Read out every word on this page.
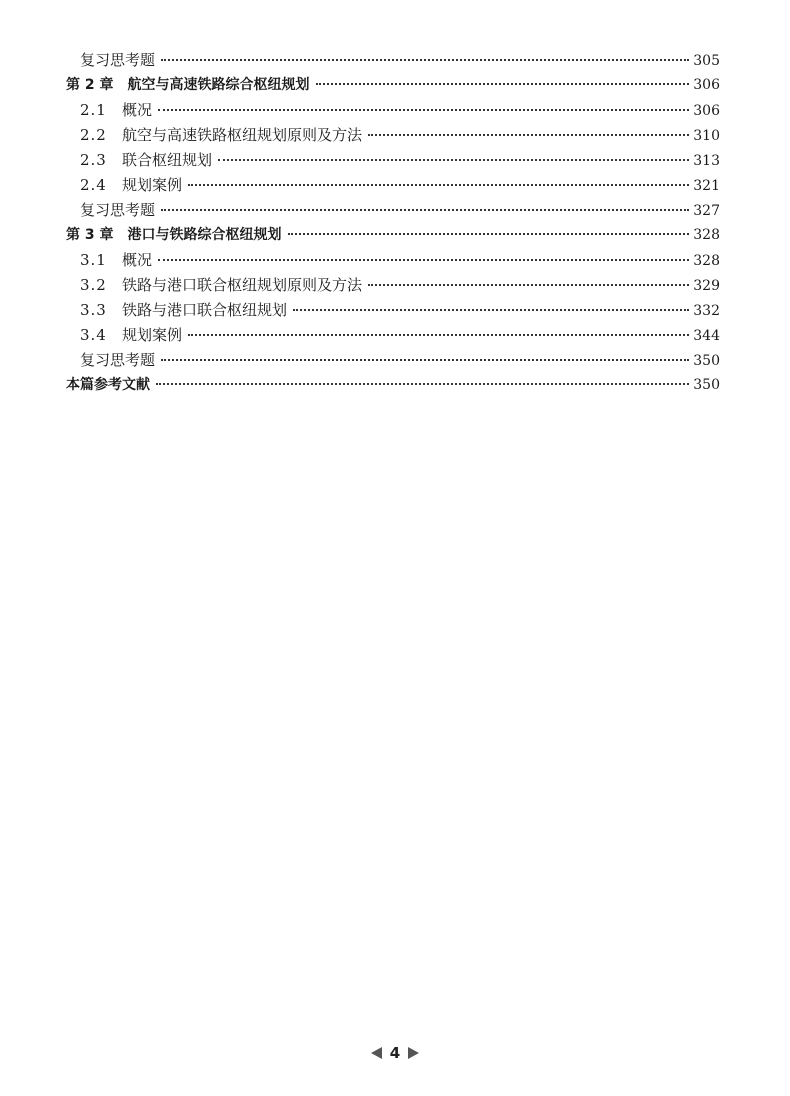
复习思考题	305
第 2 章 航空与高速铁路综合枢纽规划	306
2.1	概况	306
2.2	航空与高速铁路枢纽规划原则及方法	310
2.3	联合枢纽规划	313
2.4	规划案例	321
复习思考题	327
第 3 章 港口与铁路综合枢纽规划	328
3.1	概况	328
3.2	铁路与港口联合枢纽规划原则及方法	329
3.3	铁路与港口联合枢纽规划	332
3.4	规划案例	344
复习思考题	350
本篇参考文献	350
4
